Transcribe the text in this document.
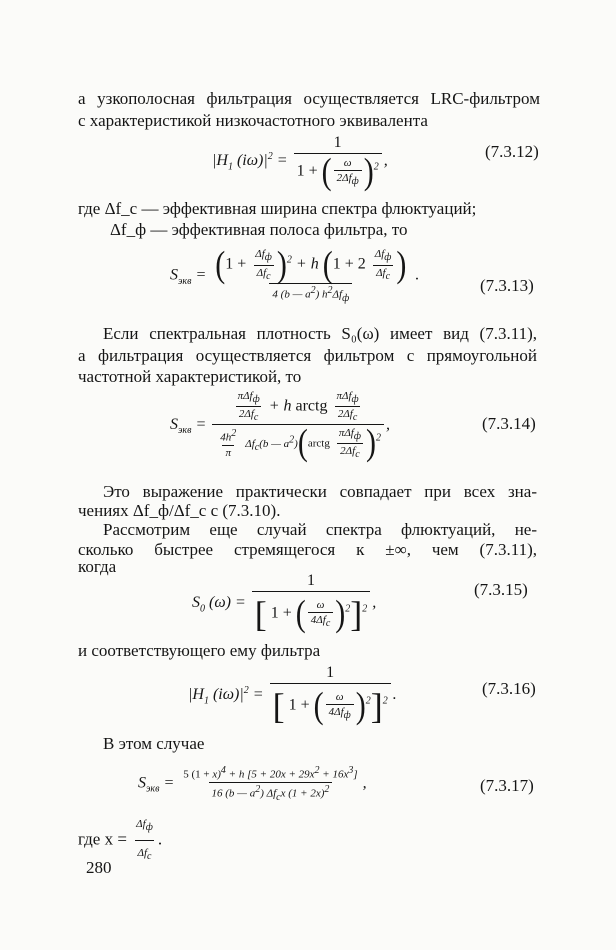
а узкополосная фильтрация осуществляется LRC-фильтром
с характеристикой низкочастотного эквивалента
$|H_1$ $(i\omega)|^2 = \frac{1}{1 + ( \frac{\omega}{2\Delta f_ф} )^2}$ ,	(7.3.12)
где Δf_c — эффективная ширина спектра флюктуаций;
Δf_ф — эффективная полоса фильтра, то
$S_{экв} = \frac{(1 + \frac{\Delta f_ф}{\Delta f_c} )^2 + h (1 + 2 \frac{\Delta f_ф}{\Delta f_c} )}{4 (b — a^2) h^2\Delta f_ф}$ .
(7.3.13)
Если спектральная плотность S₀(ω) имеет вид (7.3.11),
а фильтрация осуществляется фильтром с прямоугольной
частотной характеристикой, то
$S_{экв} = \frac{\frac{\pi\Delta f_ф}{2\Delta f_c} + h arctg \frac{\pi\Delta f_ф}{2\Delta f_c}}{\frac{4h^2}{\pi} \Delta f_c(b — a^2)(arctg \frac{\pi\Delta f_ф}{2\Delta f_c} )^2}$ ,	(7.3.14)
Это выражение практически совпадает при всех зна-
чениях Δf_ф/Δf_c с (7.3.10).
Рассмотрим еще случай спектра флюктуаций, не-
сколько быстрее стремящегося к ±∞, чем (7.3.11),
когда
$S_0$ $(\omega) = \frac{1}{[ 1 + ( \frac{\omega}{4\Delta f_c} )^2]^2}$ ,
(7.3.15)
и соответствующего ему фильтра
$|H_1$ $(i\omega)|^2 = \frac{1}{[ 1 + ( \frac{\omega}{4\Delta f_ф} )^2]^2}$ .	(7.3.16)
В этом случае
$S_{экв} = \frac{5 (1 + x)^4 + h [5 + 20x + 29x^2 + 16x^3]}{16 (b — a^2) \Delta f_cx (1 + 2x)^2}$ ,	(7.3.17)
где $x = \frac{\Delta f_ф}{\Delta f_c}$ .
280
